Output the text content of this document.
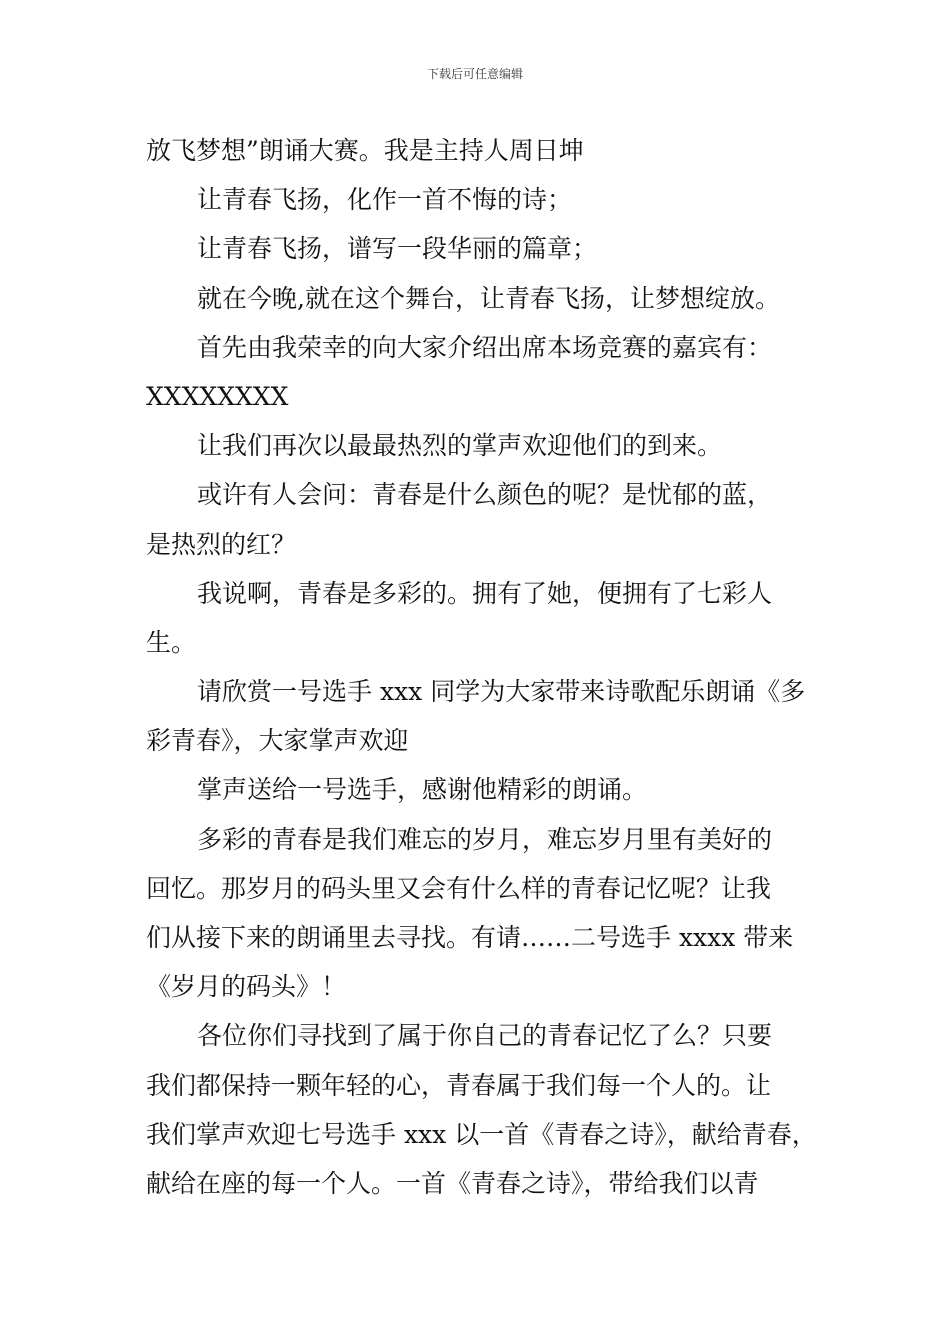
下载后可任意编辑
放飞梦想”朗诵大赛。我是主持人周日坤
让青春飞扬，化作一首不悔的诗；
让青春飞扬，谱写一段华丽的篇章；
就在今晚,就在这个舞台，让青春飞扬，让梦想绽放。
首先由我荣幸的向大家介绍出席本场竞赛的嘉宾有：
XXXXXXXX
让我们再次以最最热烈的掌声欢迎他们的到来。
或许有人会问：青春是什么颜色的呢？是忧郁的蓝，
是热烈的红？
我说啊，青春是多彩的。拥有了她，便拥有了七彩人
生。
请欣赏一号选手 xxx 同学为大家带来诗歌配乐朗诵《多
彩青春》，大家掌声欢迎
掌声送给一号选手，感谢他精彩的朗诵。
多彩的青春是我们难忘的岁月，难忘岁月里有美好的
回忆。那岁月的码头里又会有什么样的青春记忆呢？让我
们从接下来的朗诵里去寻找。有请……二号选手 xxxx 带来
《岁月的码头》！
各位你们寻找到了属于你自己的青春记忆了么？只要
我们都保持一颗年轻的心，青春属于我们每一个人的。让
我们掌声欢迎七号选手 xxx 以一首《青春之诗》，献给青春，
献给在座的每一个人。一首《青春之诗》，带给我们以青
